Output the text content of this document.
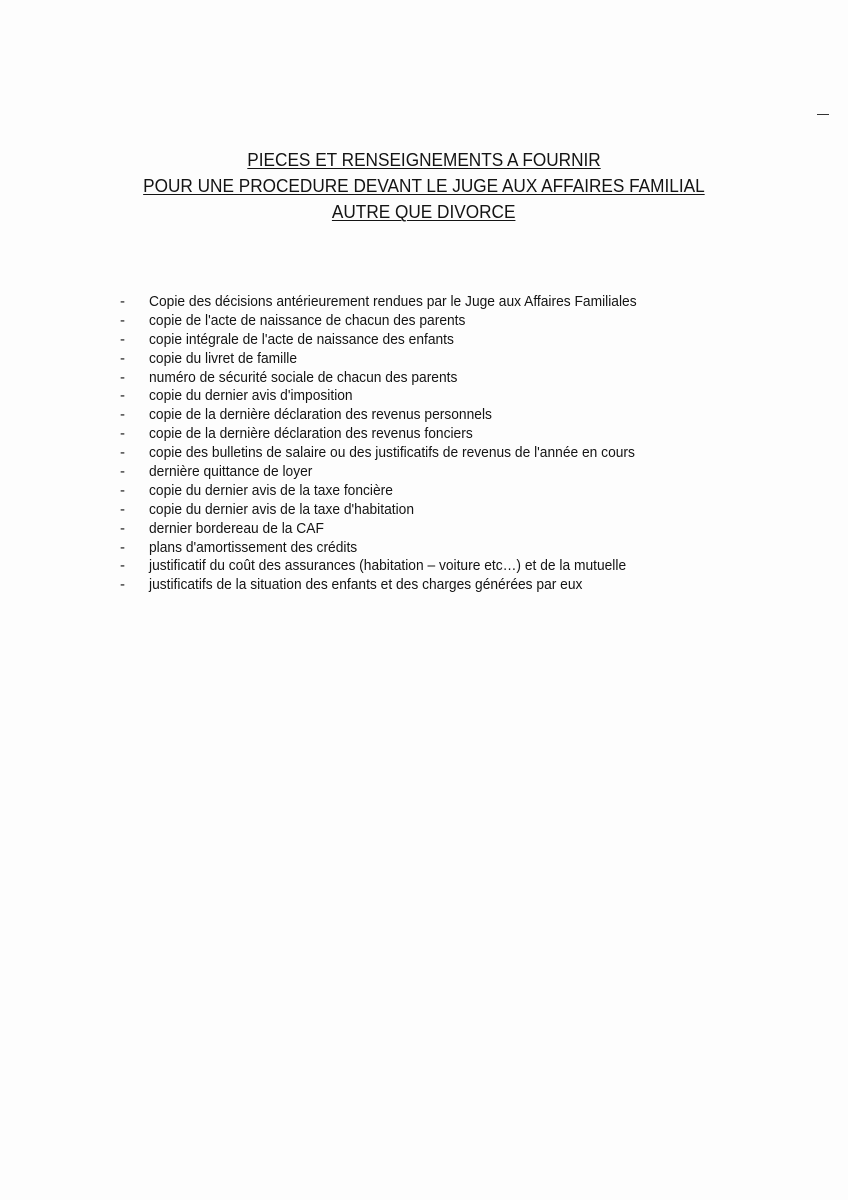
PIECES ET RENSEIGNEMENTS A FOURNIR
POUR UNE PROCEDURE DEVANT LE JUGE AUX AFFAIRES FAMILIAL
AUTRE QUE DIVORCE
-	Copie des décisions antérieurement rendues par le Juge aux Affaires Familiales
-	copie de l'acte de naissance de chacun des parents
-	copie intégrale de l'acte de naissance des enfants
-	copie du livret de famille
-	numéro de sécurité sociale de chacun des parents
-	copie du dernier avis d'imposition
-	copie de la dernière déclaration des revenus personnels
-	copie de la dernière déclaration des revenus fonciers
-	copie des bulletins de salaire ou des justificatifs de revenus de l'année en cours
-	dernière quittance de loyer
-	copie du dernier avis de la taxe foncière
-	copie du dernier avis de la taxe d'habitation
-	dernier bordereau de la CAF
-	plans d'amortissement des crédits
-	justificatif du coût des assurances (habitation – voiture etc…) et de la mutuelle
-	justificatifs de la situation des enfants et des charges générées par eux
